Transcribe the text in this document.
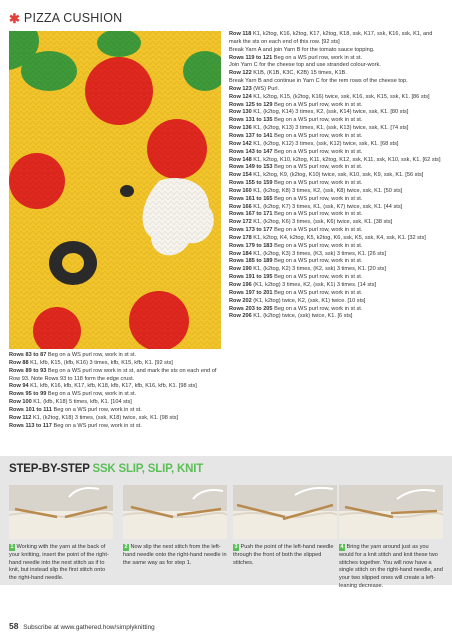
✱ PIZZA CUSHION

Row 118 K1, k2tog, K16, k2tog, K17, k2tog, K18, ssk, K17, ssk, K16, ssk, K1, and mark the sts on each end of this row. [92 sts]

Break Yarn A and join Yarn B for the tomato sauce topping.

Rows 119 to 121 Beg on a WS purl row, work in st st.

Join Yarn C for the cheese top and use stranded colour-work.

Row 122 K1B, (K1B, K3C, K2B) 15 times, K1B.

Break Yarn B and continue in Yarn C for the rem rows of the cheese top.

Row 123 (WS) Purl.

Row 124 K1, k2tog, K15, (k2tog, K16) twice, ssk, K16, ssk, K15, ssk, K1. [86 sts]

Rows 125 to 129 Beg on a WS purl row, work in st st.

Row 130 K1, (k2tog, K14) 3 times, K2, (ssk, K14) twice, ssk, K1. [80 sts]

Rows 131 to 135 Beg on a WS purl row, work in st st.

Row 136 K1, (k2tog, K13) 3 times, K1, (ssk, K13) twice, ssk, K1. [74 sts]

Rows 137 to 141 Beg on a WS purl row, work in st st.

Row 142 K1, (k2tog, K12) 3 times, (ssk, K12) twice, ssk, K1. [68 sts]

Rows 143 to 147 Beg on a WS purl row, work in st st.

Row 148 K1, k2tog, K10, k2tog, K11, k2tog, K12, ssk, K11, ssk, K10, ssk, K1. [62 sts]

Rows 149 to 153 Beg on a WS purl row, work in st st.

Row 154 K1, k2tog, K9, (k2tog, K10) twice, ssk, K10, ssk, K9, ssk, K1. [56 sts]

Rows 155 to 159 Beg on a WS purl row, work in st st.

Row 160 K1, (k2tog, K8) 3 times, K2, (ssk, K8) twice, ssk, K1. [50 sts]

Rows 161 to 165 Beg on a WS purl row, work in st st.

Row 166 K1, (k2tog, K7) 3 times, K1, (ssk, K7) twice, ssk, K1. [44 sts]

Rows 167 to 171 Beg on a WS purl row, work in st st.

Row 172 K1, (k2tog, K6) 3 times, (ssk, K6) twice, ssk, K1. [38 sts]

Rows 173 to 177 Beg on a WS purl row, work in st st.

Row 178 K1, k2tog, K4, k2tog, K5, k2tog, K6, ssk, K5, ssk, K4, ssk, K1. [32 sts]

Rows 179 to 183 Beg on a WS purl row, work in st st.

Row 184 K1, (k2tog, K3) 3 times, (K3, ssk) 3 times, K1. [26 sts]

Rows 185 to 189 Beg on a WS purl row, work in st st.

Row 190 K1, (k2tog, K2) 3 times, (K2, ssk) 3 times, K1. [20 sts]

Rows 191 to 195 Beg on a WS purl row, work in st st.

Row 196 (K1, k2tog) 3 times, K2, (ssk, K1) 3 times. [14 sts]

Rows 197 to 201 Beg on a WS purl row, work in st st.

Row 202 (K1, k2tog) twice, K2, (ssk, K1) twice. [10 sts]

Rows 203 to 205 Beg on a WS purl row, work in st st.

Row 206 K1, (k2tog) twice, (ssk) twice, K1. [6 sts]

Rows 83 to 87 Beg on a WS purl row, work in st st.

Row 88 K1, kfb, K15, (kfb, K16) 3 times, kfb, K15, kfb, K1. [92 sts]

Rows 89 to 93 Beg on a WS purl row work in st st, and mark the sts on each end of Row 93. Note Rows 93 to 118 form the edge crust.

Row 94 K1, kfb, K16, kfb, K17, kfb, K18, kfb, K17, kfb, K16, kfb, K1. [98 sts]

Rows 95 to 99 Beg on a WS purl row, work in st st.

Row 100 K1, (kfb, K18) 5 times, kfb, K1. [104 sts]

Rows 101 to 111 Beg on a WS purl row, work in st st.

Row 112 K1, (k2tog, K18) 3 times, (ssk, K18) twice, ssk, K1. [98 sts]

Rows 113 to 117 Beg on a WS purl row, work in st st.

STEP-BY-STEP SSK SLIP, SLIP, KNIT
1 Working with the yarn at the back of your knitting, insert the point of the right-hand needle into the next stitch as if to knit, but instead slip the first stitch onto the right-hand needle.
2 Now slip the next stitch from the left-hand needle onto the right-hand needle in the same way as for step 1.
3 Push the point of the left-hand needle through the front of both the slipped stitches.
4 Bring the yarn around just as you would for a knit stitch and knit these two stitches together. You will now have a single stitch on the right-hand needle, and your two slipped ones will create a left-leaning decrease.
58 Subscribe at www.gathered.how/simplyknitting
